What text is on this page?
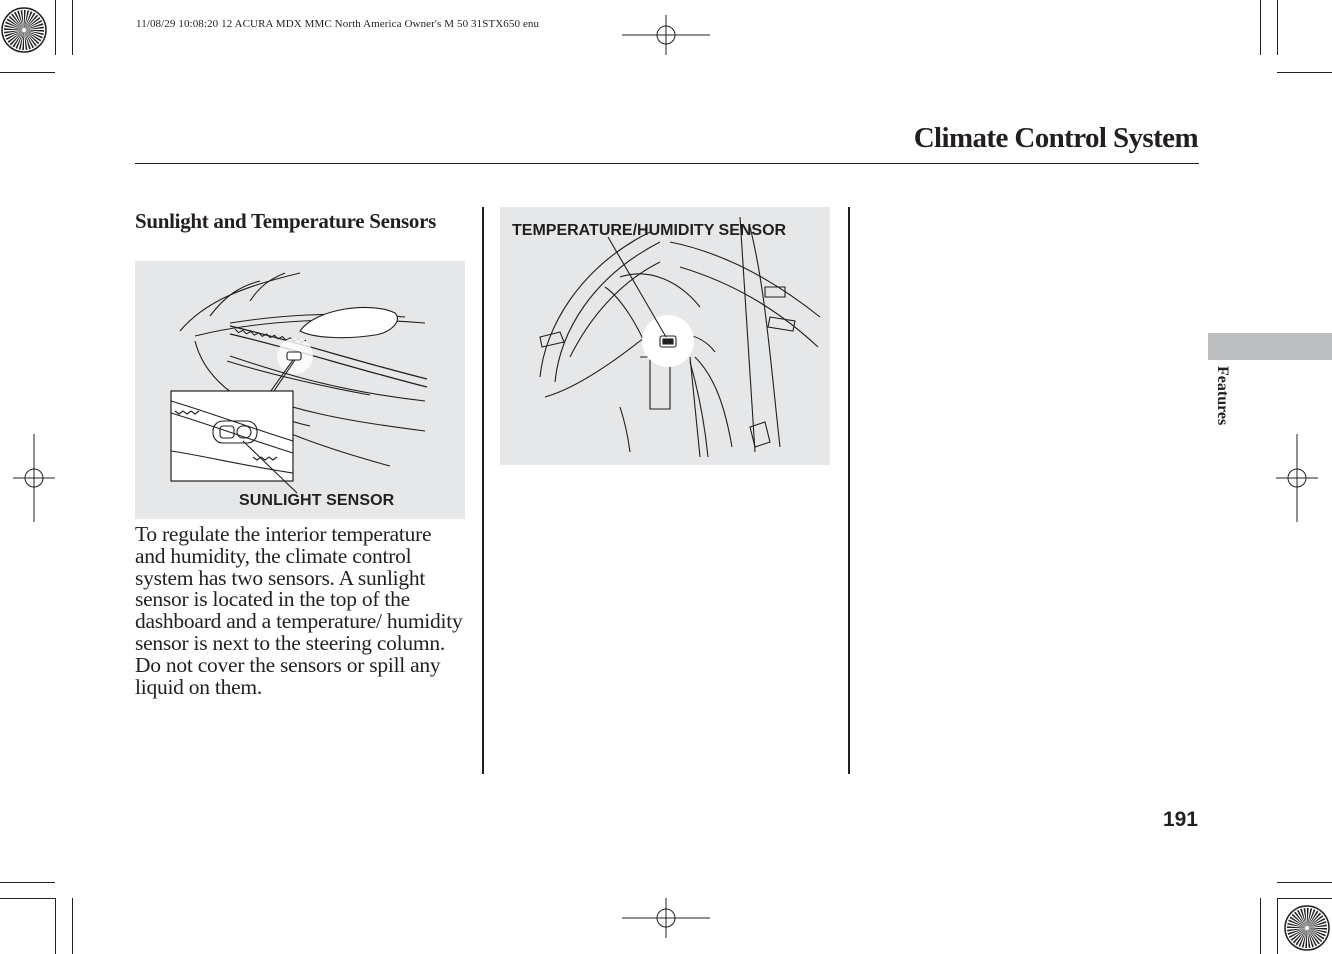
11/08/29 10:08:20 12 ACURA MDX MMC North America Owner's M 50 31STX650 enu
Climate Control System
Sunlight and Temperature Sensors
SUNLIGHT SENSOR
To regulate the interior temperature and humidity, the climate control system has two sensors. A sunlight sensor is located in the top of the dashboard and a temperature/ humidity sensor is next to the steering column. Do not cover the sensors or spill any liquid on them.
TEMPERATURE/HUMIDITY SENSOR
Features
191
